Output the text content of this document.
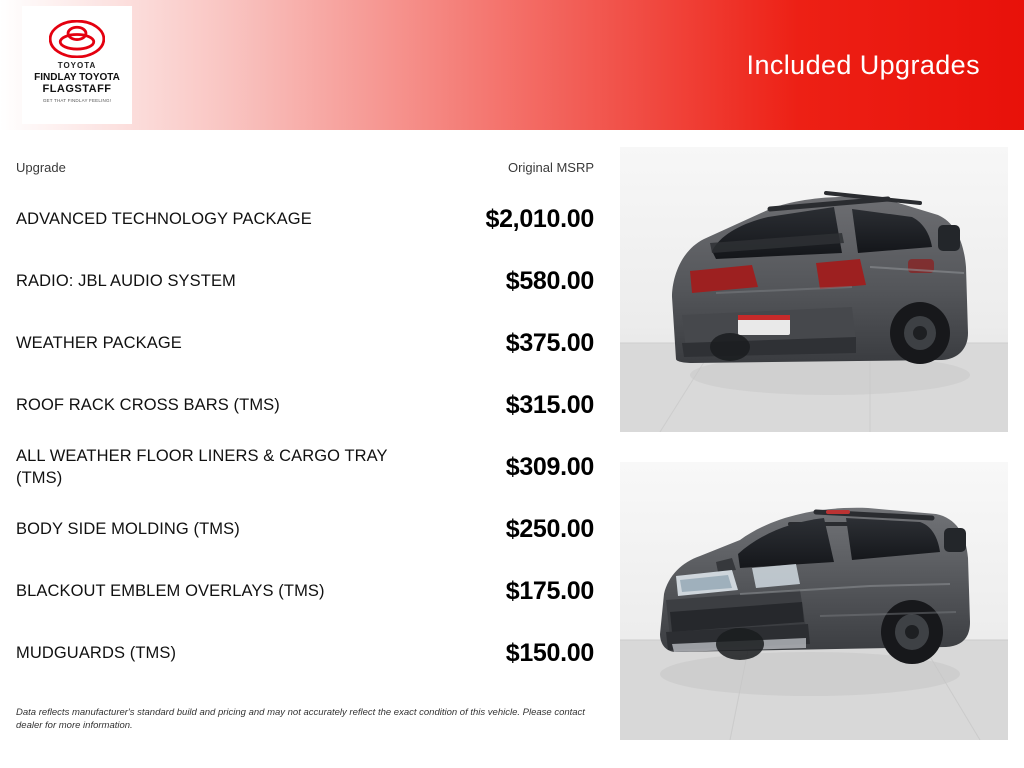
TOYOTA
FINDLAY TOYOTA
FLAGSTAFF
GET THAT FINDLAY FEELING!
Included Upgrades
Upgrade	Original MSRP
ADVANCED TECHNOLOGY PACKAGE	$2,010.00
RADIO: JBL AUDIO SYSTEM	$580.00
WEATHER PACKAGE	$375.00
ROOF RACK CROSS BARS (TMS)	$315.00
ALL WEATHER FLOOR LINERS & CARGO TRAY (TMS)	$309.00
BODY SIDE MOLDING (TMS)	$250.00
BLACKOUT EMBLEM OVERLAYS (TMS)	$175.00
MUDGUARDS (TMS)	$150.00
Data reflects manufacturer's standard build and pricing and may not accurately reflect the exact condition of this vehicle. Please contact dealer for more information.
